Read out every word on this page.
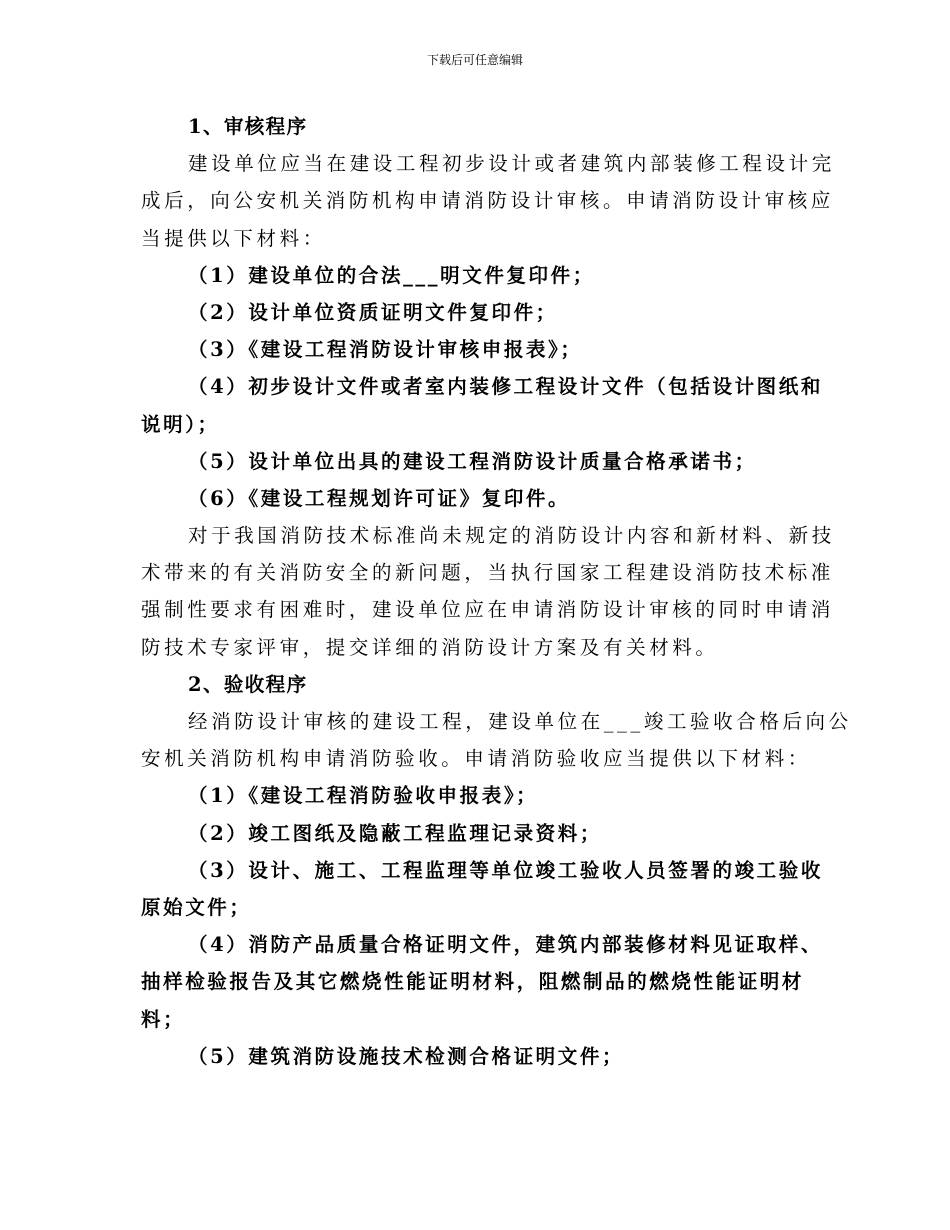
下载后可任意编辑
1、审核程序
建设单位应当在建设工程初步设计或者建筑内部装修工程设计完
成后，向公安机关消防机构申请消防设计审核。申请消防设计审核应
当提供以下材料：
（1）建设单位的合法___明文件复印件；
（2）设计单位资质证明文件复印件；
（3）《建设工程消防设计审核申报表》；
（4）初步设计文件或者室内装修工程设计文件（包括设计图纸和
说明）；
（5）设计单位出具的建设工程消防设计质量合格承诺书；
（6）《建设工程规划许可证》复印件。
对于我国消防技术标准尚未规定的消防设计内容和新材料、新技
术带来的有关消防安全的新问题，当执行国家工程建设消防技术标准
强制性要求有困难时，建设单位应在申请消防设计审核的同时申请消
防技术专家评审，提交详细的消防设计方案及有关材料。
2、验收程序
经消防设计审核的建设工程，建设单位在___竣工验收合格后向公
安机关消防机构申请消防验收。申请消防验收应当提供以下材料：
（1）《建设工程消防验收申报表》；
（2）竣工图纸及隐蔽工程监理记录资料；
（3）设计、施工、工程监理等单位竣工验收人员签署的竣工验收
原始文件；
（4）消防产品质量合格证明文件，建筑内部装修材料见证取样、
抽样检验报告及其它燃烧性能证明材料，阻燃制品的燃烧性能证明材
料；
（5）建筑消防设施技术检测合格证明文件；
